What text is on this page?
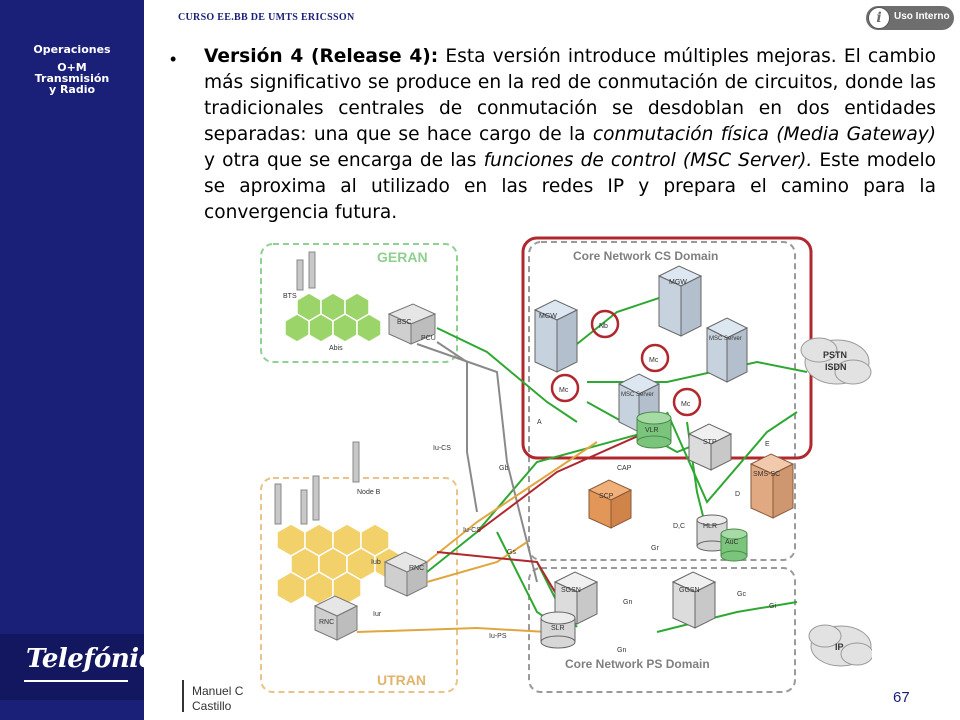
Operaciones
O+M
Transmisión
y Radio
Telefónica
CURSO EE.BB DE UMTS ERICSSON	i	Uso Interno
• Versión 4 (Release 4): Esta versión introduce múltiples mejoras. El cambio más significativo se produce en la red de conmutación de circuitos, donde las tradicionales centrales de conmutación se desdoblan en dos entidades separadas: una que se hace cargo de la conmutación física (Media Gateway) y otra que se encarga de las funciones de control (MSC Server). Este modelo se aproxima al utilizado en las redes IP y prepara el camino para la convergencia futura.
GERAN
UTRAN
Core Network CS Domain
Core Network PS Domain
BTS
BSC
PCU
Abis
Node B
RNC
RNC
Iub
Iur
MGW
MGW
MSC Server
MSC Server
VLR
STP
SMS-SC
SCP
HLR
AuC
SGSN	GGSN
SLR
PSTN
ISDN
IP
Nb
Mc
Mc
Mc
A
Iu-CS
Iu-CS
Gb
Iu-PS
Gs
Gn
Gn
Gi
Gc
Gr
E
D
CAP
D,C
Manuel C Castillo	67
